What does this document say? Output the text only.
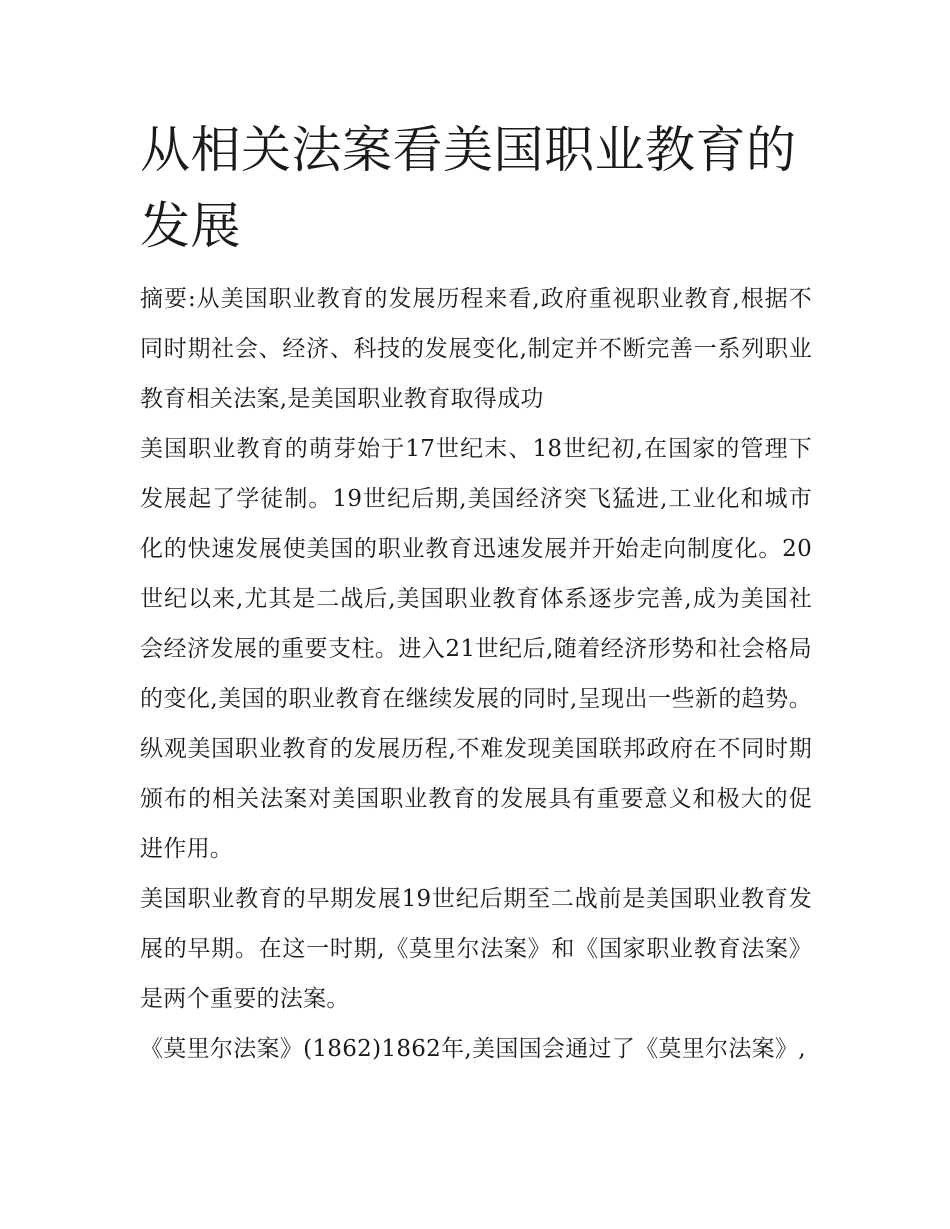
从相关法案看美国职业教育的发展

摘要:从美国职业教育的发展历程来看,政府重视职业教育,根据不同时期社会、经济、科技的发展变化,制定并不断完善一系列职业教育相关法案,是美国职业教育取得成功

美国职业教育的萌芽始于17世纪末、18世纪初,在国家的管理下发展起了学徒制。19世纪后期,美国经济突飞猛进,工业化和城市化的快速发展使美国的职业教育迅速发展并开始走向制度化。20世纪以来,尤其是二战后,美国职业教育体系逐步完善,成为美国社会经济发展的重要支柱。进入21世纪后,随着经济形势和社会格局的变化,美国的职业教育在继续发展的同时,呈现出一些新的趋势。纵观美国职业教育的发展历程,不难发现美国联邦政府在不同时期颁布的相关法案对美国职业教育的发展具有重要意义和极大的促进作用。

美国职业教育的早期发展19世纪后期至二战前是美国职业教育发展的早期。在这一时期,《莫里尔法案》和《国家职业教育法案》是两个重要的法案。

《莫里尔法案》(1862)1862年,美国国会通过了《莫里尔法案》,
